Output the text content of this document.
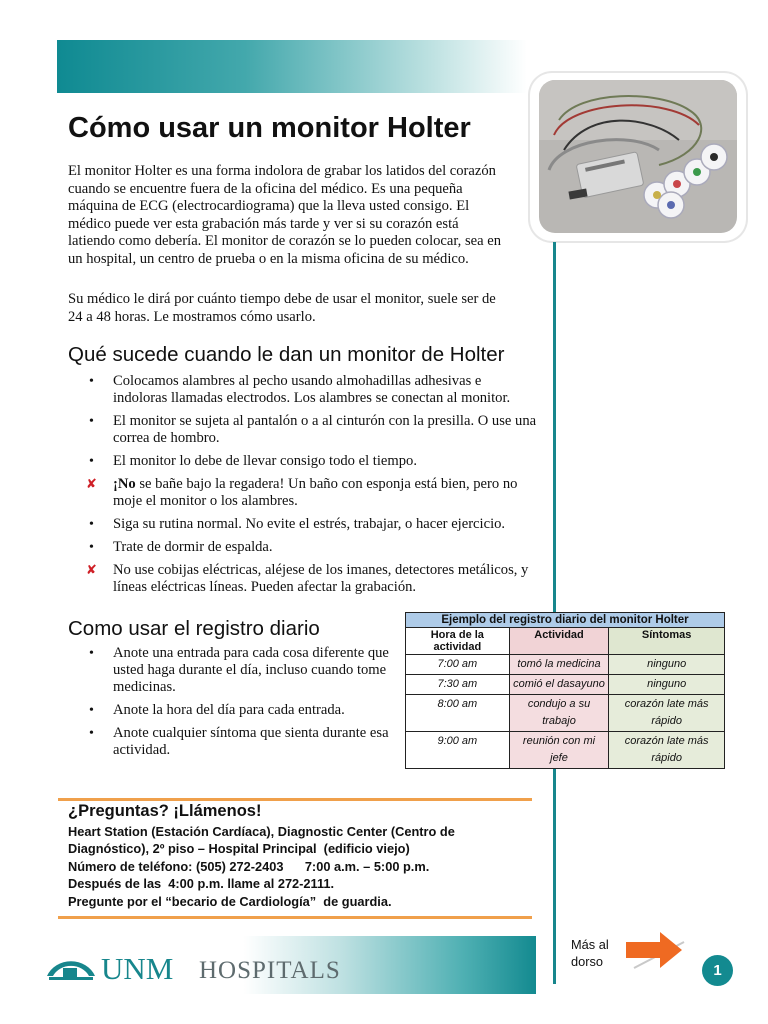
Cómo usar un monitor Holter

El monitor Holter es una forma indolora de grabar los latidos del corazón cuando se encuentre fuera de la oficina del médico. Es una pequeña máquina de ECG (electrocardiograma) que la lleva usted consigo. El médico puede ver esta grabación más tarde y ver si su corazón está latiendo como debería. El monitor de corazón se lo pueden colocar, sea en un hospital, un centro de prueba o en la misma oficina de su médico.

Su médico le dirá por cuánto tiempo debe de usar el monitor, suele ser de 24 a 48 horas. Le mostramos cómo usarlo.

Qué sucede cuando le dan un monitor de Holter
• Colocamos alambres al pecho usando almohadillas adhesivas e indoloras llamadas electrodos. Los alambres se conectan al monitor.
• El monitor se sujeta al pantalón o a al cinturón con la presilla. O use una correa de hombro.
• El monitor lo debe de llevar consigo todo el tiempo.
✘ ¡No se bañe bajo la regadera! Un baño con esponja está bien, pero no moje el monitor o los alambres.
• Siga su rutina normal. No evite el estrés, trabajar, o hacer ejercicio.
• Trate de dormir de espalda.
✘ No use cobijas eléctricas, aléjese de los imanes, detectores metálicos, y líneas eléctricas líneas. Pueden afectar la grabación.
Como usar el registro diario
• Anote una entrada para cada cosa diferente que usted haga durante el día, incluso cuando tome medicinas.
• Anote la hora del día para cada entrada.
• Anote cualquier síntoma que sienta durante esa actividad.
Ejemplo del registro diario del monitor Holter		
Hora de la actividad	Actividad	Síntomas
7:00 am	tomó la medicina	ninguno
7:30 am	comió el dasayuno	ninguno
8:00 am	condujo a su trabajo	corazón late más rápido
9:00 am	reunión con mi jefe	corazón late más rápido
¿Preguntas? ¡Llámenos!
Heart Station (Estación Cardíaca), Diagnostic Center (Centro de
Diagnóstico), 2º piso – Hospital Principal  (edificio viejo)
Número de teléfono: (505) 272-2403      7:00 a.m. – 5:00 p.m.
Después de las  4:00 p.m. llame al 272-2111.
Pregunte por el “becario de Cardiología”  de guardia.
UNM HOSPITALS

Más al
dorso

1
